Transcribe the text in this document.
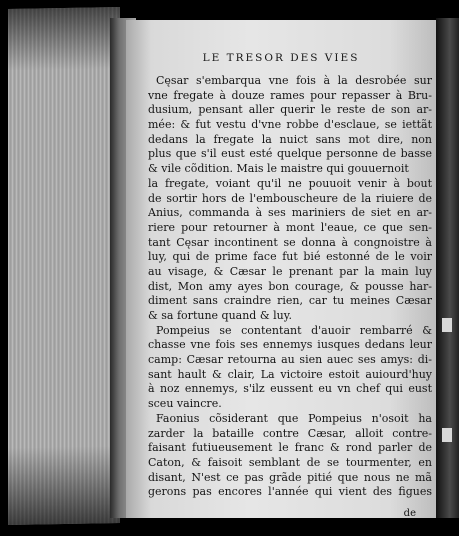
LE TRESOR DES VIES
Cęsar s'embarqua vne fois à la desrobée sur
vne fregate à douze rames pour repasser à Bru-
dusium, pensant aller querir le reste de son ar-
mée: & fut vestu d'vne robbe d'esclaue, se iettãt
dedans la fregate la nuict sans mot dire, non
plus que s'il eust esté quelque personne de basse
& vile cõdition. Mais le maistre qui gouuernoit
la fregate, voiant qu'il ne pouuoit venir à bout
de sortir hors de l'embouscheure de la riuiere de
Anius, commanda à ses mariniers de siet en ar-
riere pour retourner à mont l'eaue, ce que sen-
tant Cęsar incontinent se donna à congnoistre à
luy, qui de prime face fut bié estonné de le voir
au visage, & Cæsar le prenant par la main luy
dist, Mon amy ayes bon courage, & pousse har-
diment sans craindre rien, car tu meines Cæsar
& sa fortune quand & luy.
Pompeius se contentant d'auoir rembarré &
chasse vne fois ses ennemys iusques dedans leur
camp: Cæsar retourna au sien auec ses amys: di-
sant hault & clair, La victoire estoit auiourd'huy
à noz ennemys, s'ilz eussent eu vn chef qui eust
sceu vaincre.
Faonius cõsiderant que Pompeius n'osoit ha
zarder la bataille contre Cæsar, alloit contre-
faisant futiueusement le franc & rond parler de
Caton, & faisoit semblant de se tourmenter, en
disant, N'est ce pas grãde pitié que nous ne mã
gerons pas encores l'année qui vient des figues
de
